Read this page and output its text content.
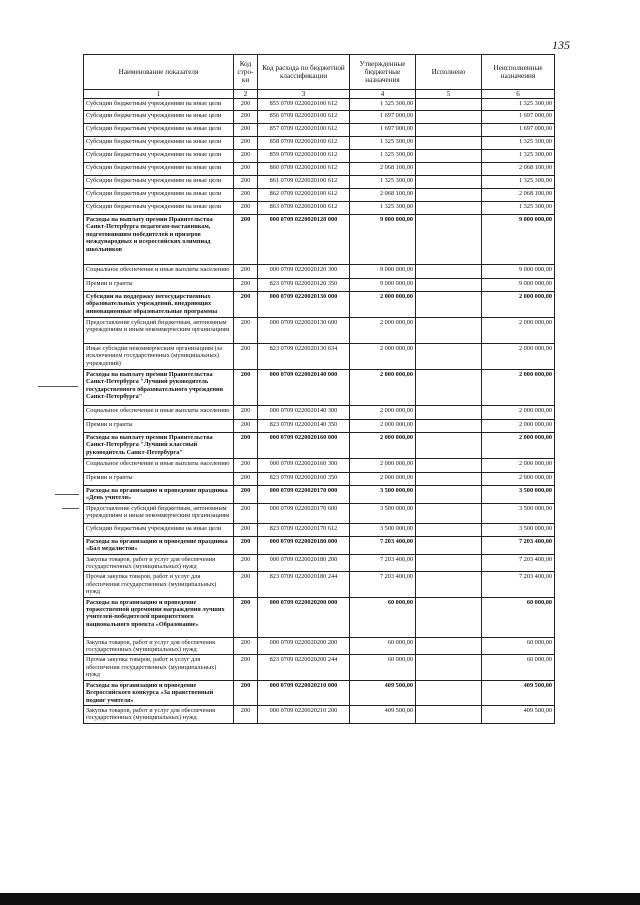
135
Наименование показателя	Код стро-ки	Код расхода по бюджетной классификации	Утвержденные бюджетные назначения	Исполнено	Неисполненные назначения
1	2	3	4	5	6
Субсидии бюджетным учреждениям на иные цели	200	855 0709 0220020100 612	1 325 300,00		1 325 300,00
Субсидии бюджетным учреждениям на иные цели	200	856 0709 0220020100 612	1 697 000,00		1 697 000,00
Субсидии бюджетным учреждениям на иные цели	200	857 0709 0220020100 612	1 697 000,00		1 697 000,00
Субсидии бюджетным учреждениям на иные цели	200	858 0709 0220020100 612	1 325 300,00		1 325 300,00
Субсидии бюджетным учреждениям на иные цели	200	859 0709 0220020100 612	1 325 300,00		1 325 300,00
Субсидии бюджетным учреждениям на иные цели	200	860 0709 0220020100 612	2 068 100,00		2 068 100,00
Субсидии бюджетным учреждениям на иные цели	200	861 0709 0220020100 612	1 325 300,00		1 325 300,00
Субсидии бюджетным учреждениям на иные цели	200	862 0709 0220020100 612	2 068 100,00		2 068 100,00
Субсидии бюджетным учреждениям на иные цели	200	863 0709 0220020100 612	1 325 300,00		1 325 300,00
Расходы на выплату премии Правительства Санкт-Петербурга педагогам-наставникам, подготовившим победителей и призеров международных и всероссийских олимпиад школьников	200	000 0709 0220020120 000	9 000 000,00		9 000 000,00
Социальное обеспечение и иные выплаты населению	200	000 0709 0220020120 300	9 000 000,00		9 000 000,00
Премии и гранты	200	823 0709 0220020120 350	9 000 000,00		9 000 000,00
Субсидии на поддержку негосударственных образовательных учреждений, внедряющих инновационные образовательные программы	200	000 0709 0220020130 000	2 000 000,00		2 000 000,00
Предоставление субсидий бюджетным, автономным учреждениям и иным некоммерческим организациям	200	000 0709 0220020130 600	2 000 000,00		2 000 000,00
Иные субсидии некоммерческим организациям (за исключением государственных (муниципальных) учреждений)	200	823 0709 0220020130 634	2 000 000,00		2 000 000,00
Расходы на выплату премии Правительства Санкт-Петербурга "Лучший руководитель государственного образовательного учреждения Санкт-Петербурга"	200	000 0709 0220020140 000	2 000 000,00		2 000 000,00
Социальное обеспечение и иные выплаты населению	200	000 0709 0220020140 300	2 000 000,00		2 000 000,00
Премии и гранты	200	823 0709 0220020140 350	2 000 000,00		2 000 000,00
Расходы на выплату премии Правительства Санкт-Петербурга "Лучший классный руководитель Санкт-Петербурга"	200	000 0709 0220020160 000	2 000 000,00		2 000 000,00
Социальное обеспечение и иные выплаты населению	200	000 0709 0220020160 300	2 000 000,00		2 000 000,00
Премии и гранты	200	823 0709 0220020160 350	2 000 000,00		2 000 000,00
Расходы на организацию и проведение праздника «День учителя»	200	000 0709 0220020170 000	3 500 000,00		3 500 000,00
Предоставление субсидий бюджетным, автономным учреждениям и иным некоммерческим организациям	200	000 0709 0220020170 600	3 500 000,00		3 500 000,00
Субсидии бюджетным учреждениям на иные цели	200	823 0709 0220020170 612	3 500 000,00		3 500 000,00
Расходы на организацию и проведение праздника «Бал медалистов»	200	000 0709 0220020180 000	7 203 400,00		7 203 400,00
Закупка товаров, работ и услуг для обеспечения государственных (муниципальных) нужд	200	000 0709 0220020180 200	7 203 400,00		7 203 400,00
Прочая закупка товаров, работ и услуг для обеспечения государственных (муниципальных) нужд	200	823 0709 0220020180 244	7 203 400,00		7 203 400,00
Расходы на организацию и проведение торжественной церемонии награждения лучших учителей-победителей приоритетного национального проекта «Образование»	200	000 0709 0220020200 000	60 000,00		60 000,00
Закупка товаров, работ и услуг для обеспечения государственных (муниципальных) нужд	200	000 0709 0220020200 200	60 000,00		60 000,00
Прочая закупка товаров, работ и услуг для обеспечения государственных (муниципальных) нужд	200	823 0709 0220020200 244	60 000,00		60 000,00
Расходы на организацию и проведение Всероссийского конкурса «За нравственный подвиг учителя»	200	000 0709 0220020210 000	409 500,00		409 500,00
Закупка товаров, работ и услуг для обеспечения государственных (муниципальных) нужд	200	000 0709 0220020210 200	409 500,00		409 500,00
